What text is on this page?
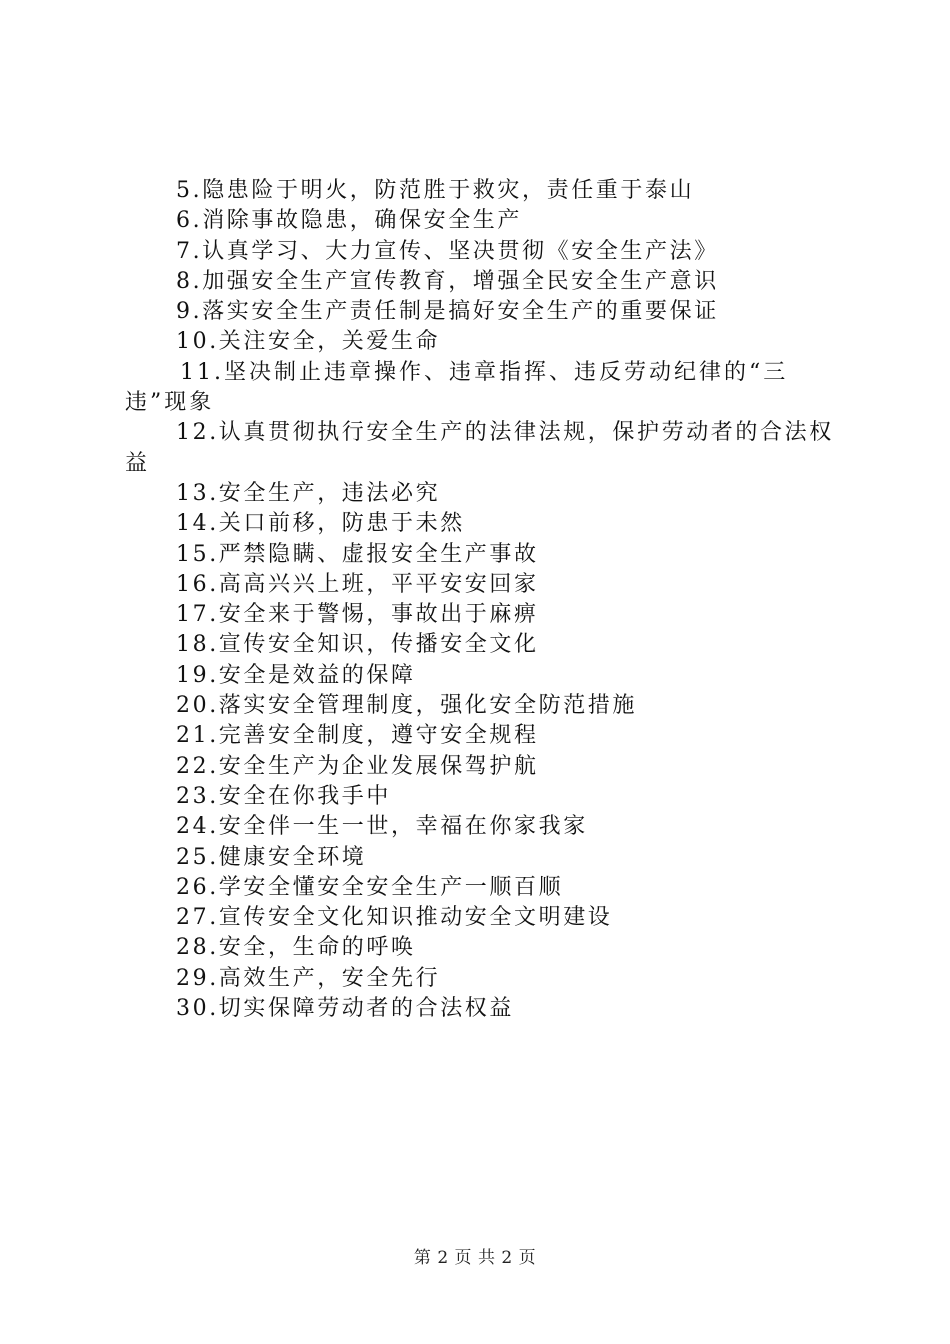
5.隐患险于明火，防范胜于救灾，责任重于泰山

6.消除事故隐患，确保安全生产

7.认真学习、大力宣传、坚决贯彻《安全生产法》

8.加强安全生产宣传教育，增强全民安全生产意识

9.落实安全生产责任制是搞好安全生产的重要保证

10.关注安全，关爱生命

11.坚决制止违章操作、违章指挥、违反劳动纪律的“三违”现象

12.认真贯彻执行安全生产的法律法规，保护劳动者的合法权益

13.安全生产，违法必究

14.关口前移，防患于未然

15.严禁隐瞒、虚报安全生产事故

16.高高兴兴上班，平平安安回家

17.安全来于警惕，事故出于麻痹

18.宣传安全知识，传播安全文化

19.安全是效益的保障

20.落实安全管理制度，强化安全防范措施

21.完善安全制度，遵守安全规程

22.安全生产为企业发展保驾护航

23.安全在你我手中

24.安全伴一生一世，幸福在你家我家

25.健康安全环境

26.学安全懂安全安全生产一顺百顺

27.宣传安全文化知识推动安全文明建设

28.安全，生命的呼唤

29.高效生产，安全先行

30.切实保障劳动者的合法权益

第 2 页 共 2 页
